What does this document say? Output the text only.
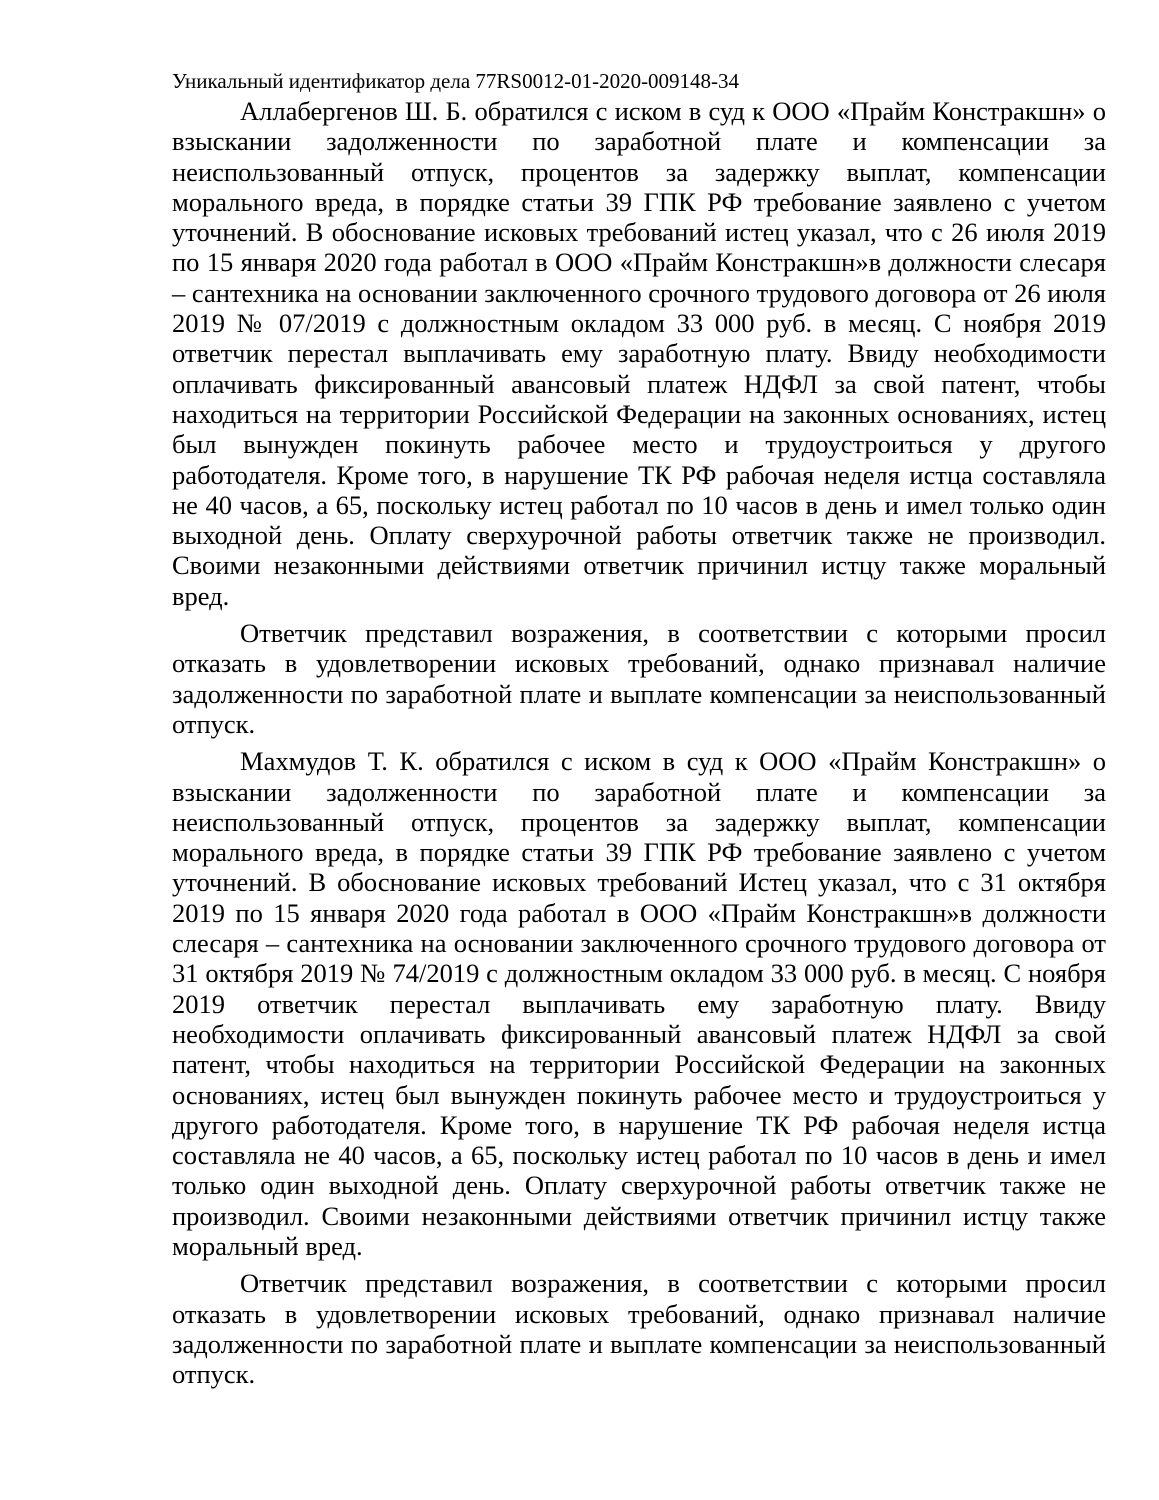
Уникальный идентификатор дела 77RS0012-01-2020-009148-34

Аллабергенов Ш. Б. обратился с иском в суд к ООО «Прайм Констракшн» о взыскании задолженности по заработной плате и компенсации за неиспользованный отпуск, процентов за задержку выплат, компенсации морального вреда, в порядке статьи 39 ГПК РФ требование заявлено с учетом уточнений. В обоснование исковых требований истец указал, что с 26 июля 2019 по 15 января 2020 года работал в ООО «Прайм Констракшн»в должности слесаря – сантехника на основании заключенного срочного трудового договора от 26 июля 2019 № 07/2019 с должностным окладом 33 000 руб. в месяц. С ноября 2019 ответчик перестал выплачивать ему заработную плату. Ввиду необходимости оплачивать фиксированный авансовый платеж НДФЛ за свой патент, чтобы находиться на территории Российской Федерации на законных основаниях, истец был вынужден покинуть рабочее место и трудоустроиться у другого работодателя. Кроме того, в нарушение ТК РФ рабочая неделя истца составляла не 40 часов, а 65, поскольку истец работал по 10 часов в день и имел только один выходной день. Оплату сверхурочной работы ответчик также не производил. Своими незаконными действиями ответчик причинил истцу также моральный вред.

Ответчик представил возражения, в соответствии с которыми просил отказать в удовлетворении исковых требований, однако признавал наличие задолженности по заработной плате и выплате компенсации за неиспользованный отпуск.

Махмудов Т. К. обратился с иском в суд к ООО «Прайм Констракшн» о взыскании задолженности по заработной плате и компенсации за неиспользованный отпуск, процентов за задержку выплат, компенсации морального вреда, в порядке статьи 39 ГПК РФ требование заявлено с учетом уточнений. В обоснование исковых требований Истец указал, что с 31 октября 2019 по 15 января 2020 года работал в ООО «Прайм Констракшн»в должности слесаря – сантехника на основании заключенного срочного трудового договора от 31 октября 2019 № 74/2019 с должностным окладом 33 000 руб. в месяц. С ноября 2019 ответчик перестал выплачивать ему заработную плату. Ввиду необходимости оплачивать фиксированный авансовый платеж НДФЛ за свой патент, чтобы находиться на территории Российской Федерации на законных основаниях, истец был вынужден покинуть рабочее место и трудоустроиться у другого работодателя. Кроме того, в нарушение ТК РФ рабочая неделя истца составляла не 40 часов, а 65, поскольку истец работал по 10 часов в день и имел только один выходной день. Оплату сверхурочной работы ответчик также не производил. Своими незаконными действиями ответчик причинил истцу также моральный вред.

Ответчик представил возражения, в соответствии с которыми просил отказать в удовлетворении исковых требований, однако признавал наличие задолженности по заработной плате и выплате компенсации за неиспользованный отпуск.
